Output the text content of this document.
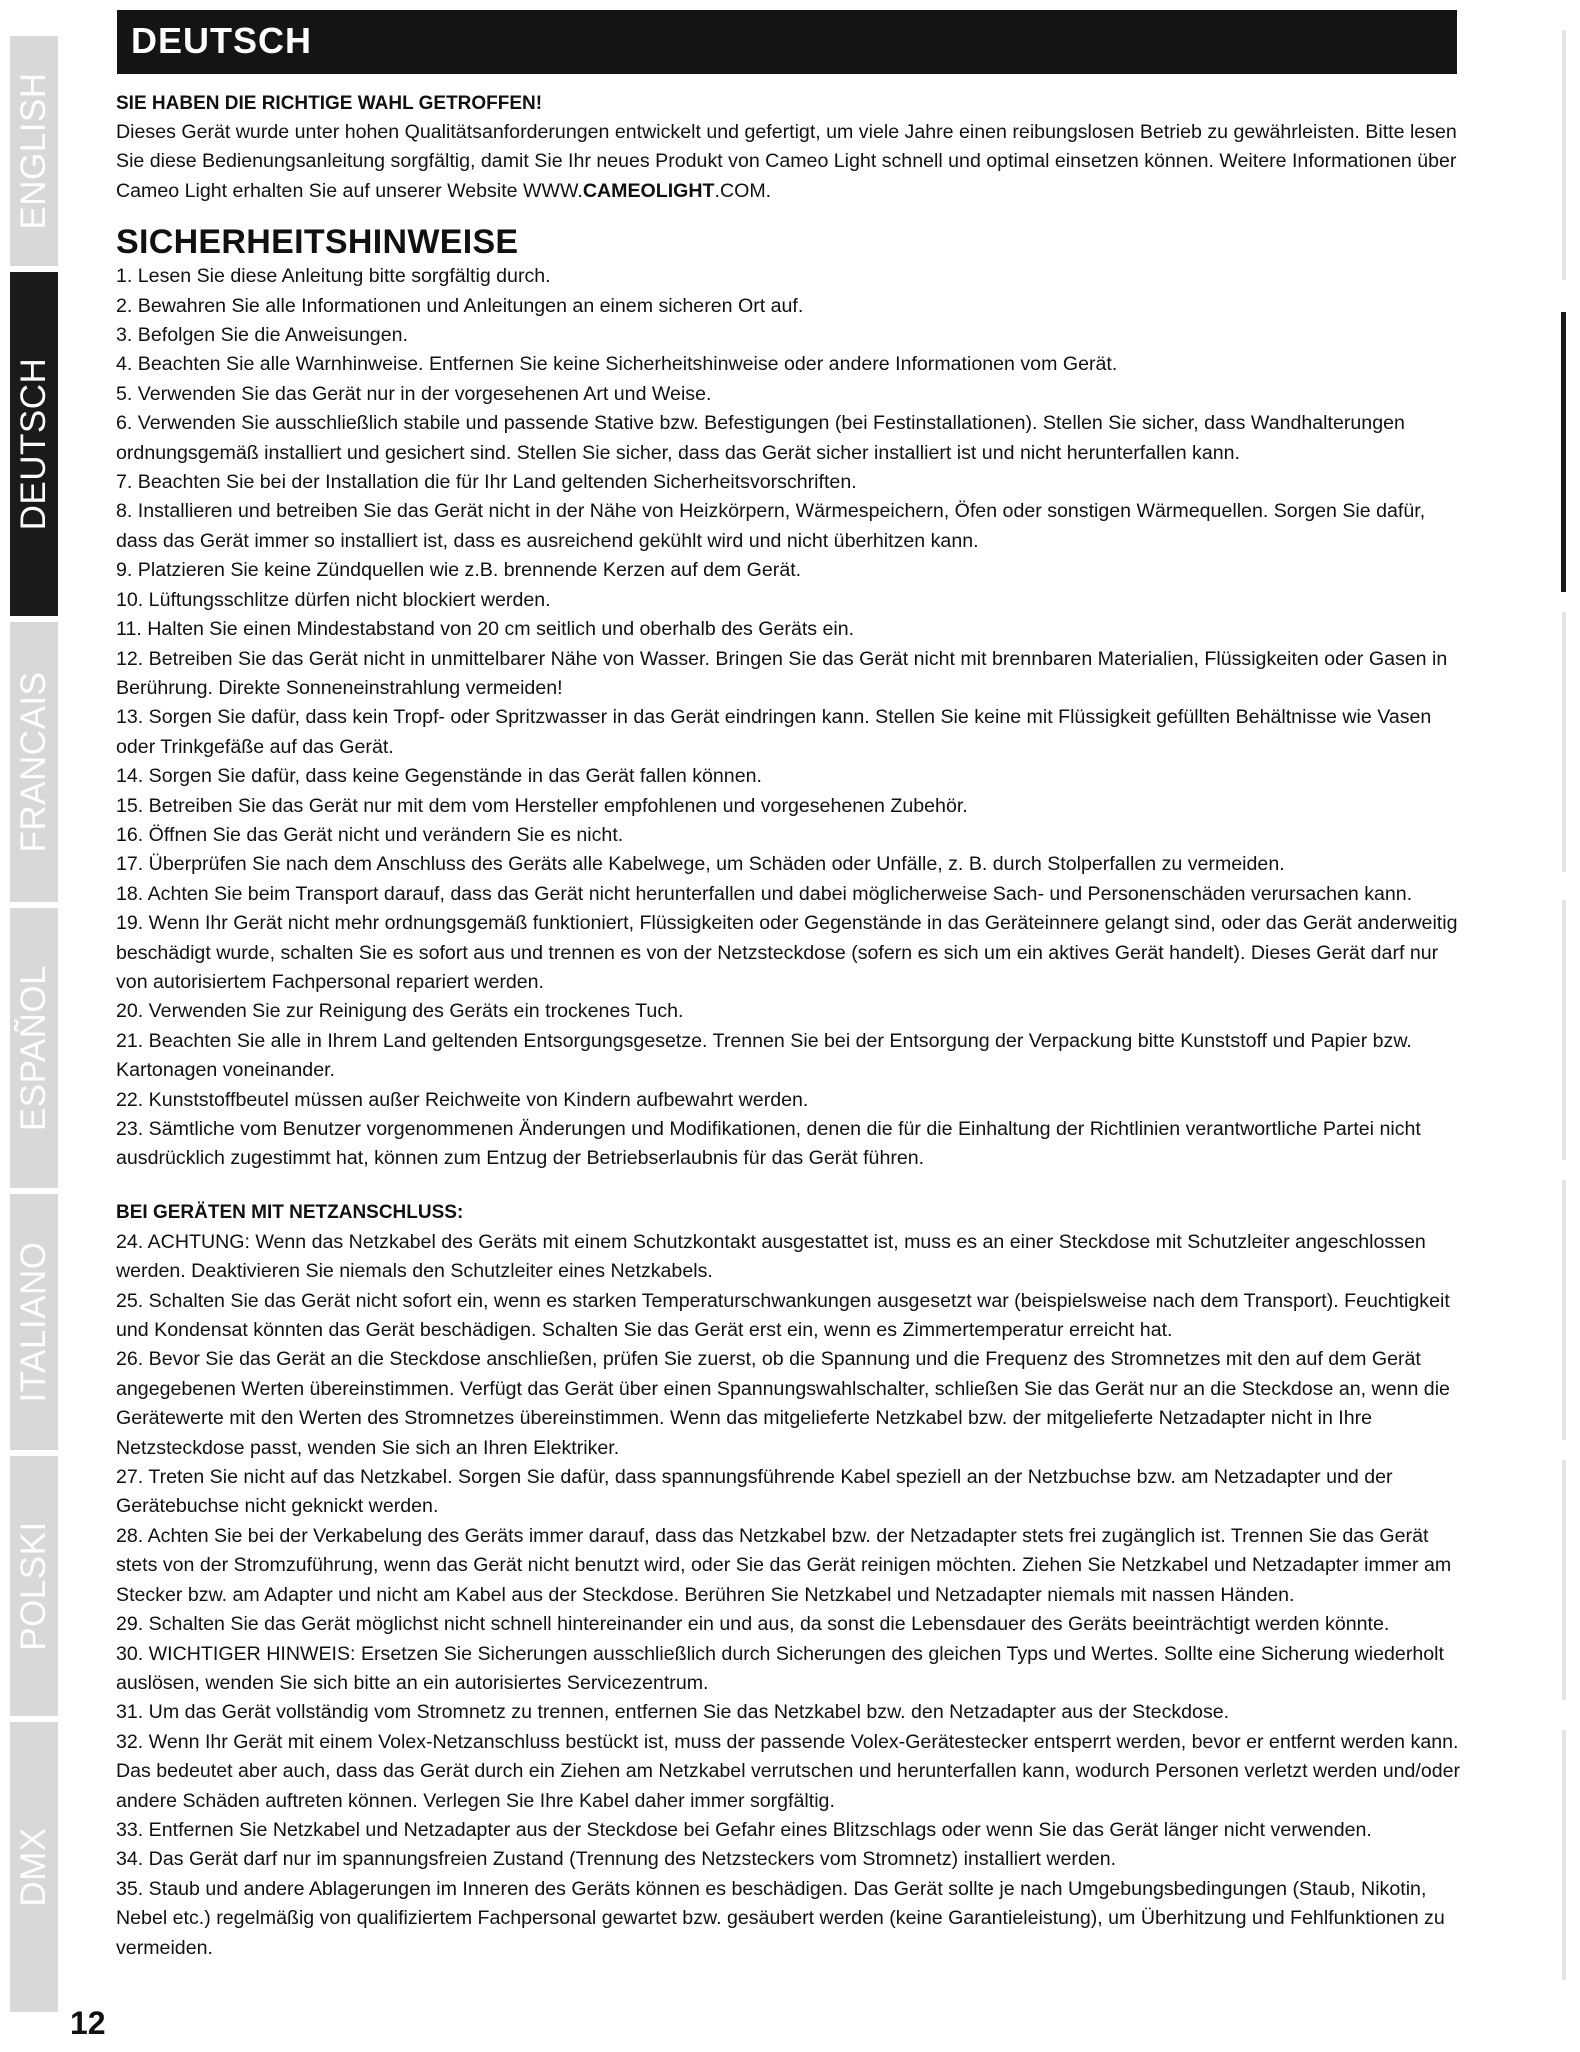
ENGLISH
DEUTSCH
FRANCAIS
ESPAÑOL
ITALIANO
POLSKI
DMX
DEUTSCH

SIE HABEN DIE RICHTIGE WAHL GETROFFEN!

Dieses Gerät wurde unter hohen Qualitätsanforderungen entwickelt und gefertigt, um viele Jahre einen reibungslosen Betrieb zu gewährleisten. Bitte lesen Sie diese Bedienungsanleitung sorgfältig, damit Sie Ihr neues Produkt von Cameo Light schnell und optimal einsetzen können. Weitere Informationen über Cameo Light erhalten Sie auf unserer Website WWW.CAMEOLIGHT.COM.

SICHERHEITSHINWEISE

1. Lesen Sie diese Anleitung bitte sorgfältig durch.

2. Bewahren Sie alle Informationen und Anleitungen an einem sicheren Ort auf.

3. Befolgen Sie die Anweisungen.

4. Beachten Sie alle Warnhinweise. Entfernen Sie keine Sicherheitshinweise oder andere Informationen vom Gerät.

5. Verwenden Sie das Gerät nur in der vorgesehenen Art und Weise.

6. Verwenden Sie ausschließlich stabile und passende Stative bzw. Befestigungen (bei Festinstallationen). Stellen Sie sicher, dass Wandhalterungen ordnungsgemäß installiert und gesichert sind. Stellen Sie sicher, dass das Gerät sicher installiert ist und nicht herunterfallen kann.

7. Beachten Sie bei der Installation die für Ihr Land geltenden Sicherheitsvorschriften.

8. Installieren und betreiben Sie das Gerät nicht in der Nähe von Heizkörpern, Wärmespeichern, Öfen oder sonstigen Wärmequellen. Sorgen Sie dafür, dass das Gerät immer so installiert ist, dass es ausreichend gekühlt wird und nicht überhitzen kann.

9. Platzieren Sie keine Zündquellen wie z.B. brennende Kerzen auf dem Gerät.

10. Lüftungsschlitze dürfen nicht blockiert werden.

11. Halten Sie einen Mindestabstand von 20 cm seitlich und oberhalb des Geräts ein.

12. Betreiben Sie das Gerät nicht in unmittelbarer Nähe von Wasser. Bringen Sie das Gerät nicht mit brennbaren Materialien, Flüssigkeiten oder Gasen in Berührung. Direkte Sonneneinstrahlung vermeiden!

13. Sorgen Sie dafür, dass kein Tropf- oder Spritzwasser in das Gerät eindringen kann. Stellen Sie keine mit Flüssigkeit gefüllten Behältnisse wie Vasen oder Trinkgefäße auf das Gerät.

14. Sorgen Sie dafür, dass keine Gegenstände in das Gerät fallen können.

15. Betreiben Sie das Gerät nur mit dem vom Hersteller empfohlenen und vorgesehenen Zubehör.

16. Öffnen Sie das Gerät nicht und verändern Sie es nicht.

17. Überprüfen Sie nach dem Anschluss des Geräts alle Kabelwege, um Schäden oder Unfälle, z. B. durch Stolperfallen zu vermeiden.

18. Achten Sie beim Transport darauf, dass das Gerät nicht herunterfallen und dabei möglicherweise Sach- und Personenschäden verursachen kann.

19. Wenn Ihr Gerät nicht mehr ordnungsgemäß funktioniert, Flüssigkeiten oder Gegenstände in das Geräteinnere gelangt sind, oder das Gerät anderweitig beschädigt wurde, schalten Sie es sofort aus und trennen es von der Netzsteckdose (sofern es sich um ein aktives Gerät handelt). Dieses Gerät darf nur von autorisiertem Fachpersonal repariert werden.

20. Verwenden Sie zur Reinigung des Geräts ein trockenes Tuch.

21. Beachten Sie alle in Ihrem Land geltenden Entsorgungsgesetze. Trennen Sie bei der Entsorgung der Verpackung bitte Kunststoff und Papier bzw. Kartonagen voneinander.

22. Kunststoffbeutel müssen außer Reichweite von Kindern aufbewahrt werden.

23. Sämtliche vom Benutzer vorgenommenen Änderungen und Modifikationen, denen die für die Einhaltung der Richtlinien verantwortliche Partei nicht ausdrücklich zugestimmt hat, können zum Entzug der Betriebserlaubnis für das Gerät führen.

BEI GERÄTEN MIT NETZANSCHLUSS:

24. ACHTUNG: Wenn das Netzkabel des Geräts mit einem Schutzkontakt ausgestattet ist, muss es an einer Steckdose mit Schutzleiter angeschlossen werden. Deaktivieren Sie niemals den Schutzleiter eines Netzkabels.

25. Schalten Sie das Gerät nicht sofort ein, wenn es starken Temperaturschwankungen ausgesetzt war (beispielsweise nach dem Transport). Feuchtigkeit und Kondensat könnten das Gerät beschädigen. Schalten Sie das Gerät erst ein, wenn es Zimmertemperatur erreicht hat.

26. Bevor Sie das Gerät an die Steckdose anschließen, prüfen Sie zuerst, ob die Spannung und die Frequenz des Stromnetzes mit den auf dem Gerät angegebenen Werten übereinstimmen. Verfügt das Gerät über einen Spannungswahlschalter, schließen Sie das Gerät nur an die Steckdose an, wenn die Gerätewerte mit den Werten des Stromnetzes übereinstimmen. Wenn das mitgelieferte Netzkabel bzw. der mitgelieferte Netzadapter nicht in Ihre Netzsteckdose passt, wenden Sie sich an Ihren Elektriker.

27. Treten Sie nicht auf das Netzkabel. Sorgen Sie dafür, dass spannungsführende Kabel speziell an der Netzbuchse bzw. am Netzadapter und der Gerätebuchse nicht geknickt werden.

28. Achten Sie bei der Verkabelung des Geräts immer darauf, dass das Netzkabel bzw. der Netzadapter stets frei zugänglich ist. Trennen Sie das Gerät stets von der Stromzuführung, wenn das Gerät nicht benutzt wird, oder Sie das Gerät reinigen möchten. Ziehen Sie Netzkabel und Netzadapter immer am Stecker bzw. am Adapter und nicht am Kabel aus der Steckdose. Berühren Sie Netzkabel und Netzadapter niemals mit nassen Händen.

29. Schalten Sie das Gerät möglichst nicht schnell hintereinander ein und aus, da sonst die Lebensdauer des Geräts beeinträchtigt werden könnte.

30. WICHTIGER HINWEIS: Ersetzen Sie Sicherungen ausschließlich durch Sicherungen des gleichen Typs und Wertes. Sollte eine Sicherung wiederholt auslösen, wenden Sie sich bitte an ein autorisiertes Servicezentrum.

31. Um das Gerät vollständig vom Stromnetz zu trennen, entfernen Sie das Netzkabel bzw. den Netzadapter aus der Steckdose.

32. Wenn Ihr Gerät mit einem Volex-Netzanschluss bestückt ist, muss der passende Volex-Gerätestecker entsperrt werden, bevor er entfernt werden kann. Das bedeutet aber auch, dass das Gerät durch ein Ziehen am Netzkabel verrutschen und herunterfallen kann, wodurch Personen verletzt werden und/oder andere Schäden auftreten können. Verlegen Sie Ihre Kabel daher immer sorgfältig.

33. Entfernen Sie Netzkabel und Netzadapter aus der Steckdose bei Gefahr eines Blitzschlags oder wenn Sie das Gerät länger nicht verwenden.

34. Das Gerät darf nur im spannungsfreien Zustand (Trennung des Netzsteckers vom Stromnetz) installiert werden.

35. Staub und andere Ablagerungen im Inneren des Geräts können es beschädigen. Das Gerät sollte je nach Umgebungsbedingungen (Staub, Nikotin, Nebel etc.) regelmäßig von qualifiziertem Fachpersonal gewartet bzw. gesäubert werden (keine Garantieleistung), um Überhitzung und Fehlfunktionen zu vermeiden.

12
